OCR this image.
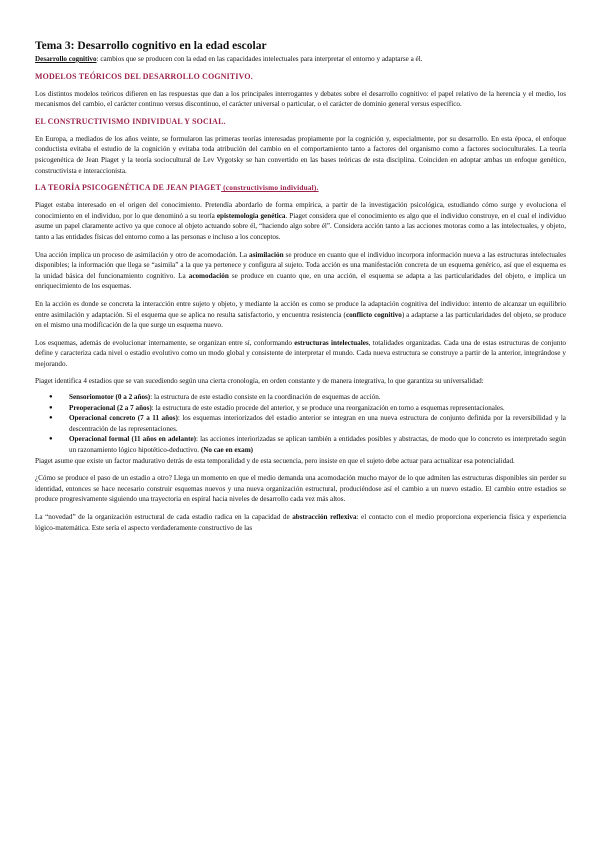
Tema 3: Desarrollo cognitivo en la edad escolar

Desarrollo cognitivo: cambios que se producen con la edad en las capacidades intelectuales para interpretar el entorno y adaptarse a él.

MODELOS TEÓRICOS DEL DESARROLLO COGNITIVO.

Los distintos modelos teóricos difieren en las respuestas que dan a los principales interrogantes y debates sobre el desarrollo cognitivo: el papel relativo de la herencia y el medio, los mecanismos del cambio, el carácter continuo versus discontinuo, el carácter universal o particular, o el carácter de dominio general versus específico.

EL CONSTRUCTIVISMO INDIVIDUAL Y SOCIAL.

En Europa, a mediados de los años veinte, se formularon las primeras teorías interesadas propiamente por la cognición y, especialmente, por su desarrollo. En esta época, el enfoque conductista evitaba el estudio de la cognición y evitaba toda atribución del cambio en el comportamiento tanto a factores del organismo como a factores socioculturales. La teoría psicogenética de Jean Piaget y la teoría sociocultural de Lev Vygotsky se han convertido en las bases teóricas de esta disciplina. Coinciden en adoptar ambas un enfoque genético, constructivista e interaccionista.

LA TEORÍA PSICOGENÉTICA DE JEAN PIAGET (constructivismo individual).

Piaget estaba interesado en el origen del conocimiento. Pretendía abordarlo de forma empírica, a partir de la investigación psicológica, estudiando cómo surge y evoluciona el conocimiento en el individuo, por lo que denominó a su teoría epistemología genética. Piaget considera que el conocimiento es algo que el individuo construye, en el cual el individuo asume un papel claramente activo ya que conoce al objeto actuando sobre él, “haciendo algo sobre él”. Considera acción tanto a las acciones motoras como a las intelectuales, y objeto, tanto a las entidades físicas del entorno como a las personas e incluso a los conceptos.

Una acción implica un proceso de asimilación y otro de acomodación. La asimilación se produce en cuanto que el individuo incorpora información nueva a las estructuras intelectuales disponibles; la información que llega se “asimila” a la que ya pertenece y configura al sujeto. Toda acción es una manifestación concreta de un esquema genérico, así que el esquema es la unidad básica del funcionamiento cognitivo. La acomodación se produce en cuanto que, en una acción, el esquema se adapta a las particularidades del objeto, e implica un enriquecimiento de los esquemas.

En la acción es donde se concreta la interacción entre sujeto y objeto, y mediante la acción es como se produce la adaptación cognitiva del individuo: intento de alcanzar un equilibrio entre asimilación y adaptación. Si el esquema que se aplica no resulta satisfactorio, y encuentra resistencia (conflicto cognitivo) a adaptarse a las particularidades del objeto, se produce en el mismo una modificación de la que surge un esquema nuevo.

Los esquemas, además de evolucionar internamente, se organizan entre sí, conformando estructuras intelectuales, totalidades organizadas. Cada una de estas estructuras de conjunto define y caracteriza cada nivel o estadio evolutivo como un modo global y consistente de interpretar el mundo. Cada nueva estructura se construye a partir de la anterior, integrándose y mejorando.

Piaget identifica 4 estadios que se van sucediendo según una cierta cronología, en orden constante y de manera integrativa, lo que garantiza su universalidad:

● Sensoriomotor (0 a 2 años): la estructura de este estadio consiste en la coordinación de esquemas de acción.
● Preoperacional (2 a 7 años): la estructura de este estadio procede del anterior, y se produce una reorganización en torno a esquemas representacionales.
● Operacional concreto (7 a 11 años): los esquemas interiorizados del estadio anterior se integran en una nueva estructura de conjunto definida por la reversibilidad y la descentración de las representaciones.
● Operacional formal (11 años en adelante): las acciones interiorizadas se aplican también a entidades posibles y abstractas, de modo que lo concreto es interpretado según un razonamiento lógico hipotético-deductivo. (No cae en exam)

Piaget asume que existe un factor madurativo detrás de esta temporalidad y de esta secuencia, pero insiste en que el sujeto debe actuar para actualizar esa potencialidad.

¿Cómo se produce el paso de un estadio a otro? Llega un momento en que el medio demanda una acomodación mucho mayor de lo que admiten las estructuras disponibles sin perder su identidad, entonces se hace necesario construir esquemas nuevos y una nueva organización estructural, produciéndose así el cambio a un nuevo estadio. El cambio entre estadios se produce progresivamente siguiendo una trayectoria en espiral hacia niveles de desarrollo cada vez más altos.

La “novedad” de la organización estructural de cada estadio radica en la capacidad de abstracción reflexiva: el contacto con el medio proporciona experiencia física y experiencia lógico-matemática. Este sería el aspecto verdaderamente constructivo de las
